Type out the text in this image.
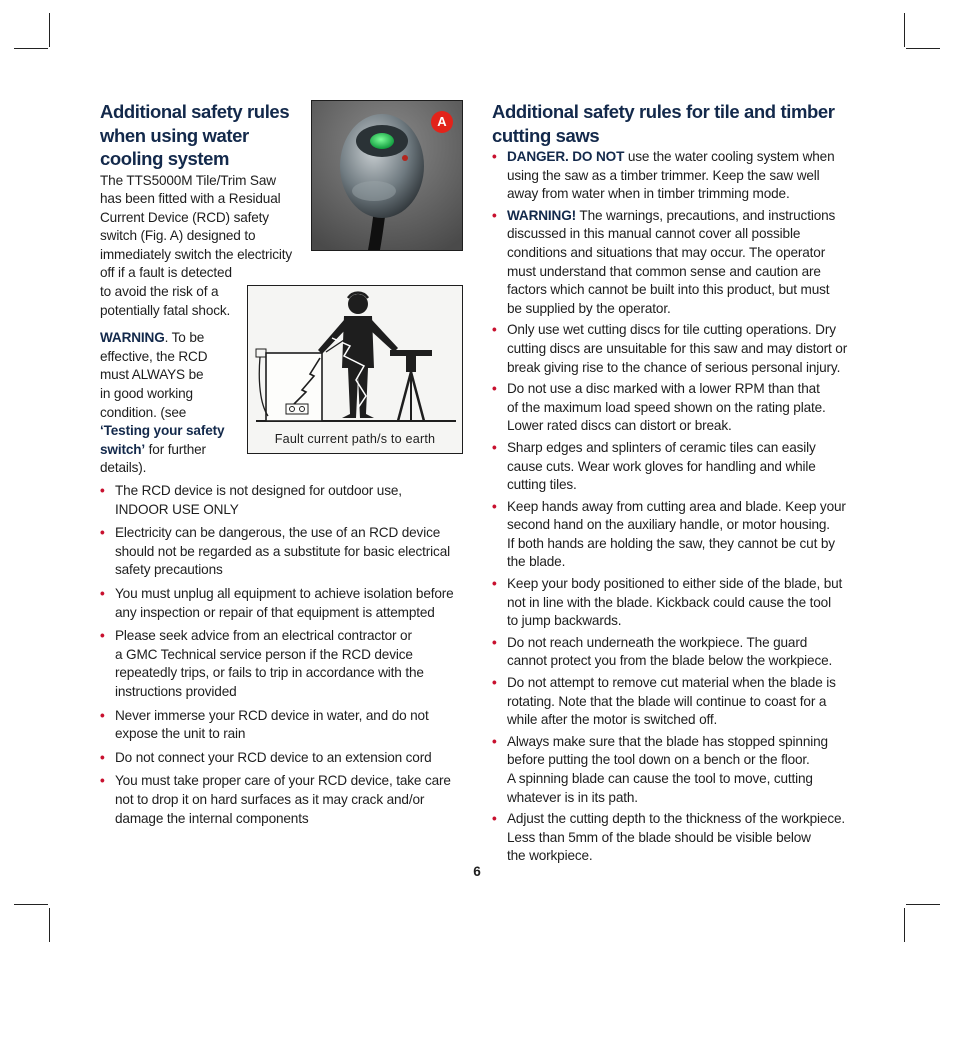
Additional safety rules
when using water
cooling system

The TTS5000M Tile/Trim Saw
has been fitted with a Residual
Current Device (RCD) safety
switch (Fig. A) designed to
immediately switch the electricity
off if a fault is detected
to avoid the risk of a
potentially fatal shock.

WARNING. To be
effective, the RCD
must ALWAYS be
in good working
condition. (see
‘Testing your safety
switch’ for further
details).

• The RCD device is not designed for outdoor use,
INDOOR USE ONLY
• Electricity can be dangerous, the use of an RCD device
should not be regarded as a substitute for basic electrical
safety precautions
• You must unplug all equipment to achieve isolation before
any inspection or repair of that equipment is attempted
• Please seek advice from an electrical contractor or
a GMC Technical service person if the RCD device
repeatedly trips, or fails to trip in accordance with the
instructions provided
• Never immerse your RCD device in water, and do not
expose the unit to rain
• Do not connect your RCD device to an extension cord
• You must take proper care of your RCD device, take care
not to drop it on hard surfaces as it may crack and/or
damage the internal components
A
Fault current path/s to earth
Additional safety rules for tile and timber
cutting saws
• DANGER. DO NOT use the water cooling system when
using the saw as a timber trimmer. Keep the saw well
away from water when in timber trimming mode.
• WARNING! The warnings, precautions, and instructions
discussed in this manual cannot cover all possible
conditions and situations that may occur. The operator
must understand that common sense and caution are
factors which cannot be built into this product, but must
be supplied by the operator.
• Only use wet cutting discs for tile cutting operations. Dry
cutting discs are unsuitable for this saw and may distort or
break giving rise to the chance of serious personal injury.
• Do not use a disc marked with a lower RPM than that
of the maximum load speed shown on the rating plate.
Lower rated discs can distort or break.
• Sharp edges and splinters of ceramic tiles can easily
cause cuts. Wear work gloves for handling and while
cutting tiles.
• Keep hands away from cutting area and blade. Keep your
second hand on the auxiliary handle, or motor housing.
If both hands are holding the saw, they cannot be cut by
the blade.
• Keep your body positioned to either side of the blade, but
not in line with the blade. Kickback could cause the tool
to jump backwards.
• Do not reach underneath the workpiece. The guard
cannot protect you from the blade below the workpiece.
• Do not attempt to remove cut material when the blade is
rotating. Note that the blade will continue to coast for a
while after the motor is switched off.
• Always make sure that the blade has stopped spinning
before putting the tool down on a bench or the floor.
A spinning blade can cause the tool to move, cutting
whatever is in its path.
• Adjust the cutting depth to the thickness of the workpiece.
Less than 5mm of the blade should be visible below
the workpiece.
6
